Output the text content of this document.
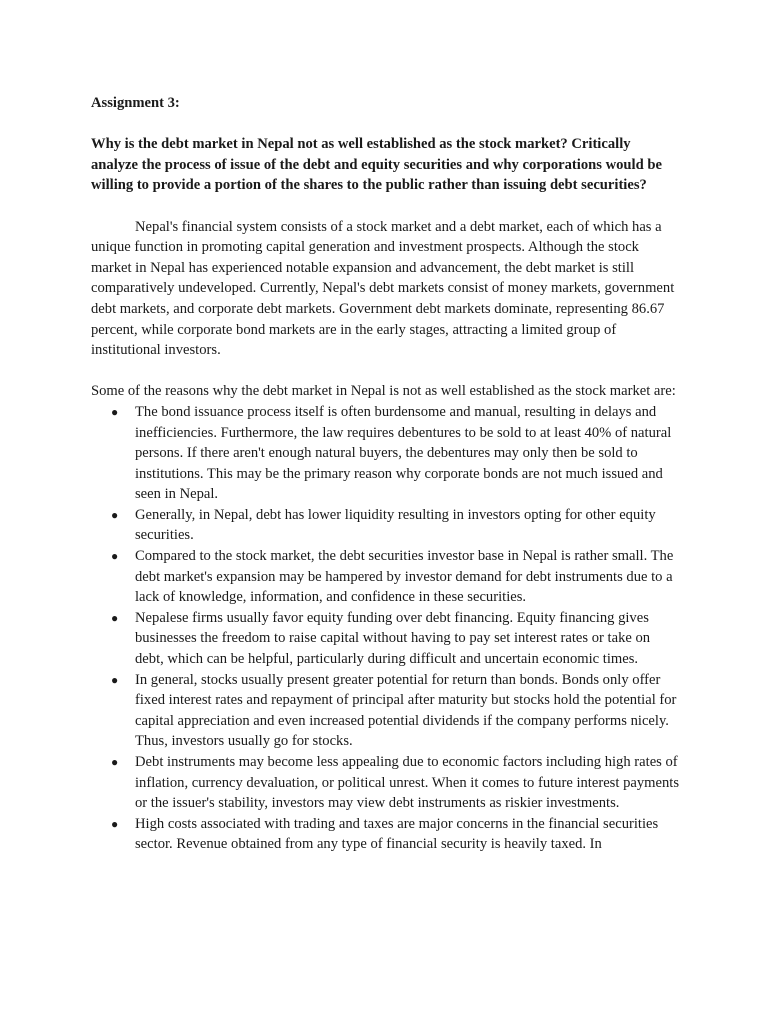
Assignment 3:

Why is the debt market in Nepal not as well established as the stock market? Critically analyze the process of issue of the debt and equity securities and why corporations would be willing to provide a portion of the shares to the public rather than issuing debt securities?

Nepal's financial system consists of a stock market and a debt market, each of which has a unique function in promoting capital generation and investment prospects. Although the stock market in Nepal has experienced notable expansion and advancement, the debt market is still comparatively undeveloped. Currently, Nepal's debt markets consist of money markets, government debt markets, and corporate debt markets. Government debt markets dominate, representing 86.67 percent, while corporate bond markets are in the early stages, attracting a limited group of institutional investors.

Some of the reasons why the debt market in Nepal is not as well established as the stock market are:

● The bond issuance process itself is often burdensome and manual, resulting in delays and inefficiencies. Furthermore, the law requires debentures to be sold to at least 40% of natural persons. If there aren't enough natural buyers, the debentures may only then be sold to institutions. This may be the primary reason why corporate bonds are not much issued and seen in Nepal.
● Generally, in Nepal, debt has lower liquidity resulting in investors opting for other equity securities.
● Compared to the stock market, the debt securities investor base in Nepal is rather small. The debt market's expansion may be hampered by investor demand for debt instruments due to a lack of knowledge, information, and confidence in these securities.
● Nepalese firms usually favor equity funding over debt financing. Equity financing gives businesses the freedom to raise capital without having to pay set interest rates or take on debt, which can be helpful, particularly during difficult and uncertain economic times.
● In general, stocks usually present greater potential for return than bonds. Bonds only offer fixed interest rates and repayment of principal after maturity but stocks hold the potential for capital appreciation and even increased potential dividends if the company performs nicely. Thus, investors usually go for stocks.
● Debt instruments may become less appealing due to economic factors including high rates of inflation, currency devaluation, or political unrest. When it comes to future interest payments or the issuer's stability, investors may view debt instruments as riskier investments.
● High costs associated with trading and taxes are major concerns in the financial securities sector. Revenue obtained from any type of financial security is heavily taxed. In
